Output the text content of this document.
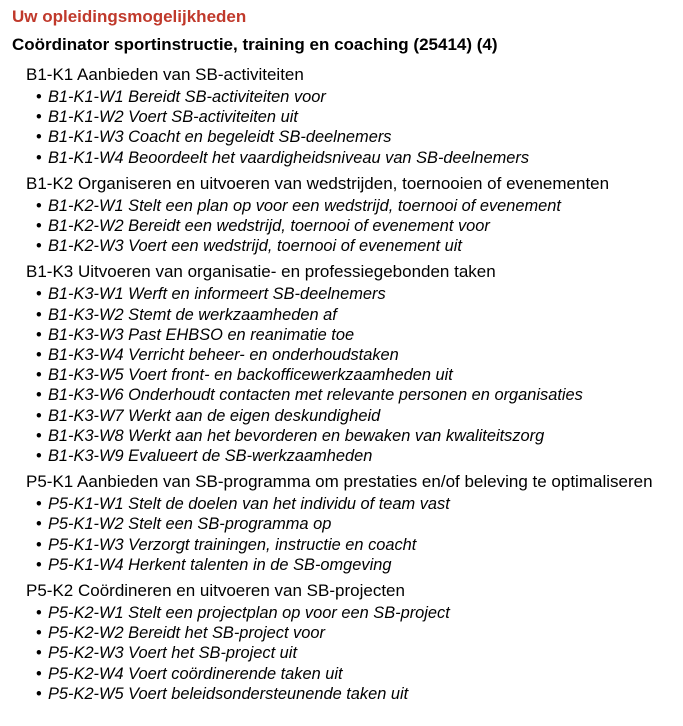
Uw opleidingsmogelijkheden
Coördinator sportinstructie, training en coaching (25414) (4)
B1-K1 Aanbieden van SB-activiteiten
• B1-K1-W1 Bereidt SB-activiteiten voor
• B1-K1-W2 Voert SB-activiteiten uit
• B1-K1-W3 Coacht en begeleidt SB-deelnemers
• B1-K1-W4 Beoordeelt het vaardigheidsniveau van SB-deelnemers
B1-K2 Organiseren en uitvoeren van wedstrijden, toernooien of evenementen
• B1-K2-W1 Stelt een plan op voor een wedstrijd, toernooi of evenement
• B1-K2-W2 Bereidt een wedstrijd, toernooi of evenement voor
• B1-K2-W3 Voert een wedstrijd, toernooi of evenement uit
B1-K3 Uitvoeren van organisatie- en professiegebonden taken
• B1-K3-W1 Werft en informeert SB-deelnemers
• B1-K3-W2 Stemt de werkzaamheden af
• B1-K3-W3 Past EHBSO en reanimatie toe
• B1-K3-W4 Verricht beheer- en onderhoudstaken
• B1-K3-W5 Voert front- en backofficewerkzaamheden uit
• B1-K3-W6 Onderhoudt contacten met relevante personen en organisaties
• B1-K3-W7 Werkt aan de eigen deskundigheid
• B1-K3-W8 Werkt aan het bevorderen en bewaken van kwaliteitszorg
• B1-K3-W9 Evalueert de SB-werkzaamheden
P5-K1 Aanbieden van SB-programma om prestaties en/of beleving te optimaliseren
• P5-K1-W1 Stelt de doelen van het individu of team vast
• P5-K1-W2 Stelt een SB-programma op
• P5-K1-W3 Verzorgt trainingen, instructie en coacht
• P5-K1-W4 Herkent talenten in de SB-omgeving
P5-K2 Coördineren en uitvoeren van SB-projecten
• P5-K2-W1 Stelt een projectplan op voor een SB-project
• P5-K2-W2 Bereidt het SB-project voor
• P5-K2-W3 Voert het SB-project uit
• P5-K2-W4 Voert coördinerende taken uit
• P5-K2-W5 Voert beleidsondersteunende taken uit
